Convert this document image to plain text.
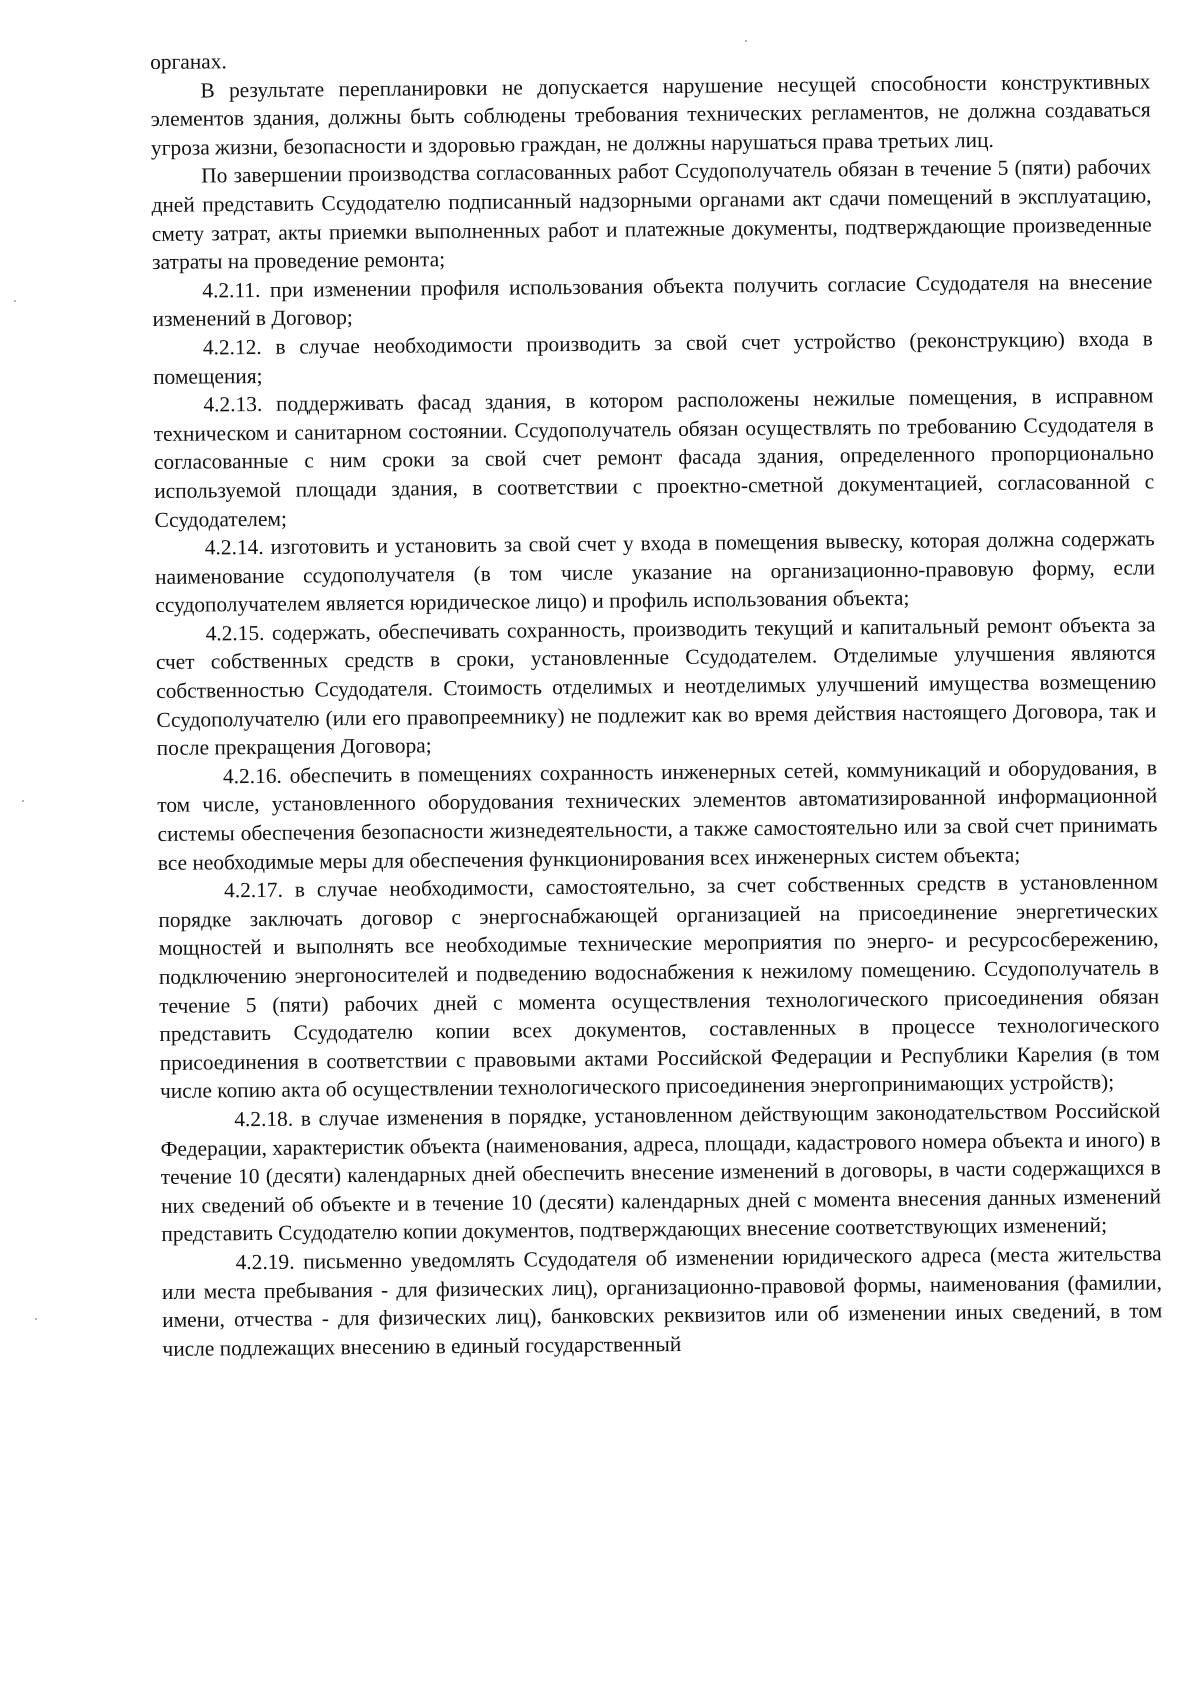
органах.

В результате перепланировки не допускается нарушение несущей способности конструктивных элементов здания, должны быть соблюдены требования технических регламентов, не должна создаваться угроза жизни, безопасности и здоровью граждан, не должны нарушаться права третьих лиц.

По завершении производства согласованных работ Ссудополучатель обязан в течение 5 (пяти) рабочих дней представить Ссудодателю подписанный надзорными органами акт сдачи помещений в эксплуатацию, смету затрат, акты приемки выполненных работ и платежные документы, подтверждающие произведенные затраты на проведение ремонта;

4.2.11. при изменении профиля использования объекта получить согласие Ссудодателя на внесение изменений в Договор;

4.2.12. в случае необходимости производить за свой счет устройство (реконструкцию) входа в помещения;

4.2.13. поддерживать фасад здания, в котором расположены нежилые помещения, в исправном техническом и санитарном состоянии. Ссудополучатель обязан осуществлять по требованию Ссудодателя в согласованные с ним сроки за свой счет ремонт фасада здания, определенного пропорционально используемой площади здания, в соответствии с проектно-сметной документацией, согласованной с Ссудодателем;

4.2.14. изготовить и установить за свой счет у входа в помещения вывеску, которая должна содержать наименование ссудополучателя (в том числе указание на организационно-правовую форму, если ссудополучателем является юридическое лицо) и профиль использования объекта;

4.2.15. содержать, обеспечивать сохранность, производить текущий и капитальный ремонт объекта за счет собственных средств в сроки, установленные Ссудодателем. Отделимые улучшения являются собственностью Ссудодателя. Стоимость отделимых и неотделимых улучшений имущества возмещению Ссудополучателю (или его правопреемнику) не подлежит как во время действия настоящего Договора, так и после прекращения Договора;

4.2.16. обеспечить в помещениях сохранность инженерных сетей, коммуникаций и оборудования, в том числе, установленного оборудования технических элементов автоматизированной информационной системы обеспечения безопасности жизнедеятельности, а также самостоятельно или за свой счет принимать все необходимые меры для обеспечения функционирования всех инженерных систем объекта;

4.2.17. в случае необходимости, самостоятельно, за счет собственных средств в установленном порядке заключать договор с энергоснабжающей организацией на присоединение энергетических мощностей и выполнять все необходимые технические мероприятия по энерго- и ресурсосбережению, подключению энергоносителей и подведению водоснабжения к нежилому помещению. Ссудополучатель в течение 5 (пяти) рабочих дней с момента осуществления технологического присоединения обязан представить Ссудодателю копии всех документов, составленных в процессе технологического присоединения в соответствии с правовыми актами Российской Федерации и Республики Карелия (в том числе копию акта об осуществлении технологического присоединения энергопринимающих устройств);

4.2.18. в случае изменения в порядке, установленном действующим законодательством Российской Федерации, характеристик объекта (наименования, адреса, площади, кадастрового номера объекта и иного) в течение 10 (десяти) календарных дней обеспечить внесение изменений в договоры, в части содержащихся в них сведений об объекте и в течение 10 (десяти) календарных дней с момента внесения данных изменений представить Ссудодателю копии документов, подтверждающих внесение соответствующих изменений;

4.2.19. письменно уведомлять Ссудодателя об изменении юридического адреса (места жительства или места пребывания - для физических лиц), организационно-правовой формы, наименования (фамилии, имени, отчества - для физических лиц), банковских реквизитов или об изменении иных сведений, в том числе подлежащих внесению в единый государственный
